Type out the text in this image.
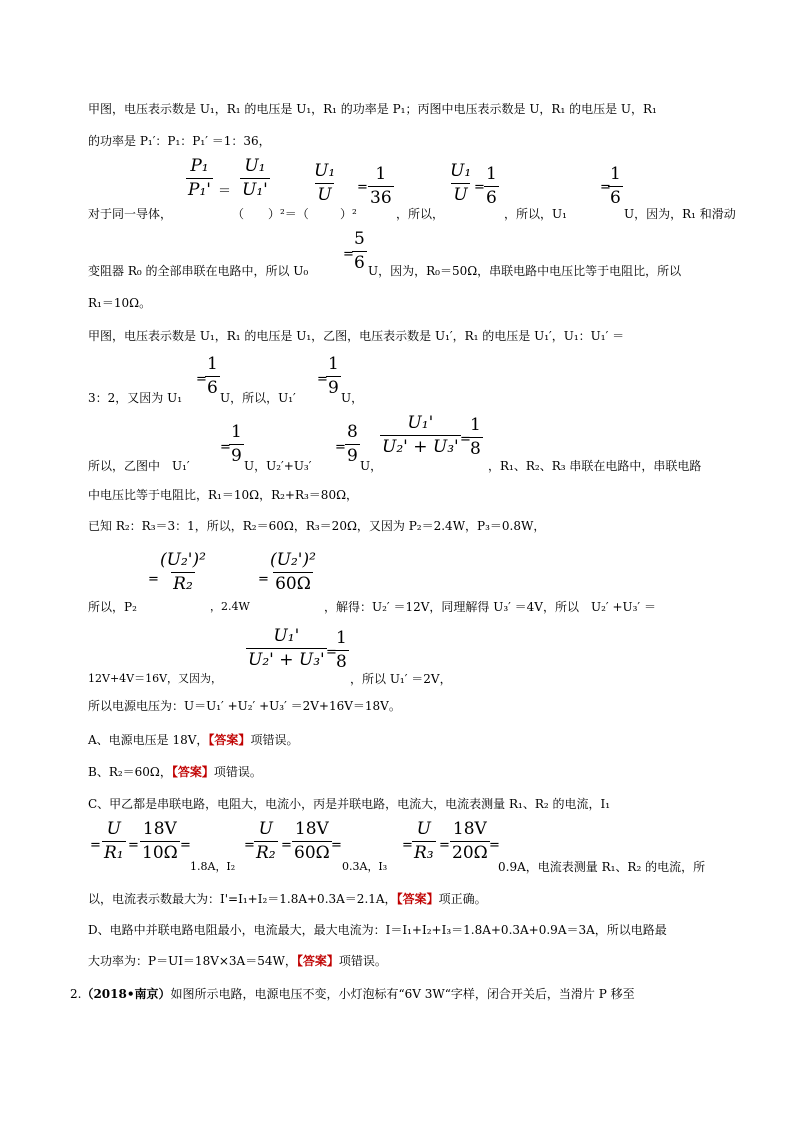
甲图，电压表示数是 U₁，R₁ 的电压是 U₁，R₁ 的功率是 P₁；丙图中电压表示数是 U，R₁ 的电压是 U，R₁
的功率是 P₁′：P₁：P₁′ ＝1：36，
$\frac{\text{P₁}}{\text{P₁'}}$ ＝
（
$\frac{\text{U₁}}{\text{U₁'}}$
）²＝（
$\frac{\text{U₁}}{U}$
）²
= $\frac{1}{36}$
，所以，
$\frac{\text{U₁}}{U} = \frac{1}{6}$
对于同一导体，	，所以，U₁
=
$\frac{1}{6}$
U，因为，R₁ 和滑动
=
$\frac{5}{6}$
变阻器 R₀ 的全部串联在电路中，所以 U₀	U，因为，R₀＝50Ω，串联电路中电压比等于电阻比，所以
R₁＝10Ω。
甲图，电压表示数是 U₁，R₁ 的电压是 U₁，乙图，电压表示数是 U₁′，R₁ 的电压是 U₁′，U₁：U₁′ ＝
=
$\frac{1}{6}$	=
$\frac{1}{9}$
3：2，又因为 U₁	U，所以，U₁′	U，
=
$\frac{1}{9}$	= $\frac{8}{9} \frac{\text{U₁'}}{\text{U₂' + U₃'}}$ =
$\frac{1}{8}$
所以，乙图中　U₁′	U，U₂′+U₃′	U，	，R₁、R₂、R₃ 串联在电路中，串联电路
中电压比等于电阻比，R₁＝10Ω，R₂+R₃＝80Ω，
已知 R₂：R₃＝3：1，所以，R₂＝60Ω，R₃＝20Ω，又因为 P₂＝2.4W，P₃＝0.8W，
= $\frac{\text{(U₂')²}}{\text{R₂}}$	= $\frac{\text{(U₂')²}}{60\Omega}$
所以，P₂	，2.4W	，解得：U₂′ ＝12V，同理解得 U₃′ ＝4V，所以　U₂′ +U₃′ ＝
$\frac{\text{U₁'}}{\text{U₂' + U₃'}}$ =
$\frac{1}{8}$
12V+4V＝16V，又因为，	，所以 U₁′ ＝2V，
所以电源电压为：U＝U₁′ +U₂′ +U₃′ ＝2V+16V＝18V。
A、电源电压是 18V，【答案】项错误。
B、R₂＝60Ω，【答案】项错误。
C、甲乙都是串联电路，电阻大，电流小，丙是并联电路，电流大，电流表测量 R₁、R₂ 的电流，I₁
= $\frac{U}{\text{R₁}} = \frac{18V}{10\Omega}$ =
1.8A，I₂
= $\frac{U}{\text{R₂}} = \frac{18V}{60\Omega}$ =
0.3A，I₃
= $\frac{U}{\text{R₃}} = \frac{18V}{20\Omega}$ =
0.9A，电流表测量 R₁、R₂ 的电流，所
以，电流表示数最大为：I'=I₁+I₂＝1.8A+0.3A＝2.1A，【答案】项正确。
D、电路中并联电路电阻最小，电流最大，最大电流为：I＝I₁+I₂+I₃＝1.8A+0.3A+0.9A＝3A，所以电路最
大功率为：P＝UI＝18V×3A＝54W，【答案】项错误。
2.（2018•南京）如图所示电路，电源电压不变，小灯泡标有“6V 3W“字样，闭合开关后，当滑片 P 移至
